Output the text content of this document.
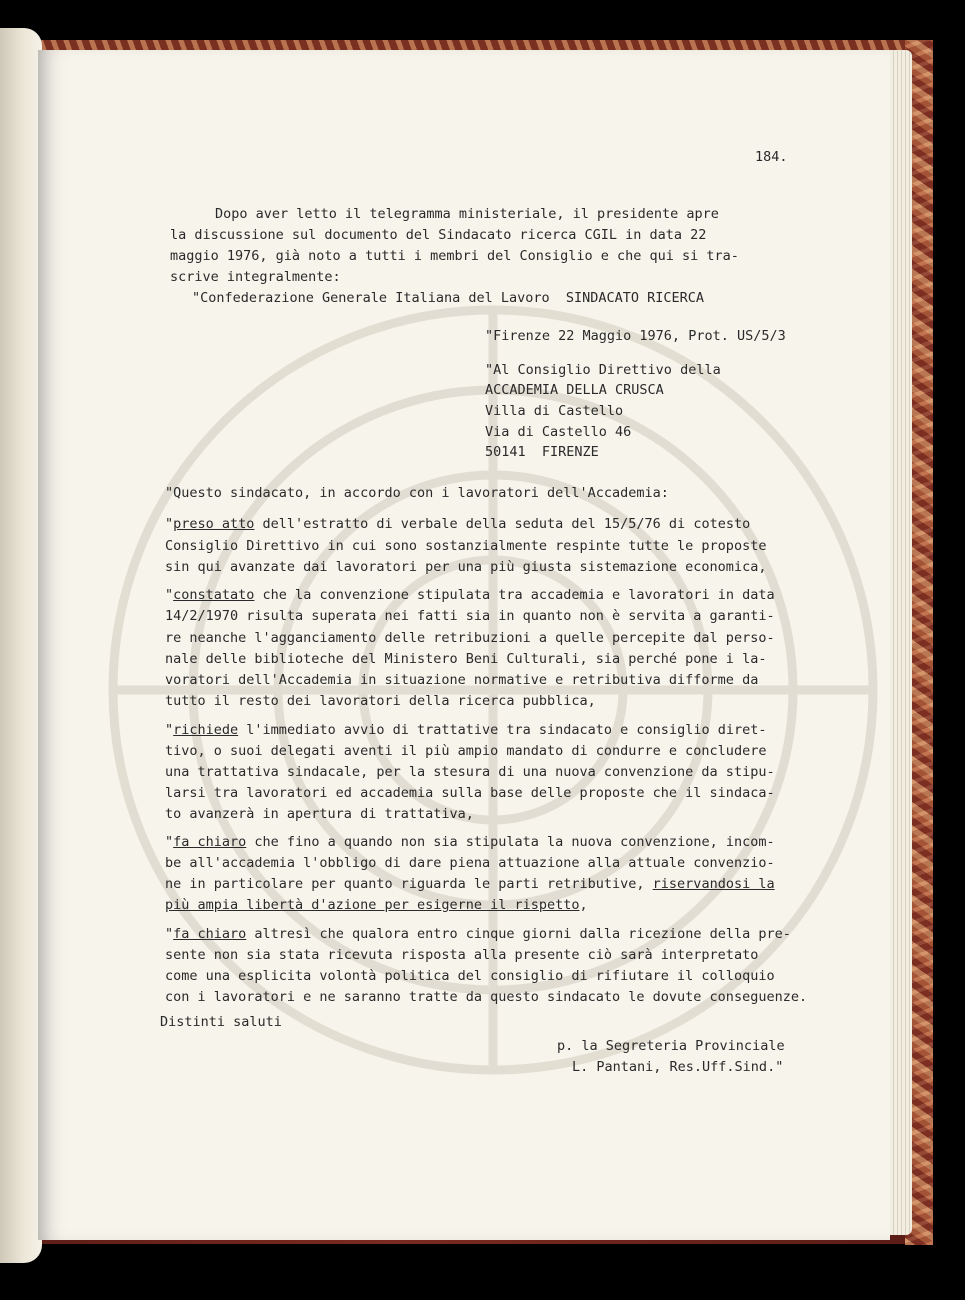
184.
Dopo aver letto il telegramma ministeriale, il presidente apre
la discussione sul documento del Sindacato ricerca CGIL in data 22
maggio 1976, già noto a tutti i membri del Consiglio e che qui si tra-
scrive integralmente:
"Confederazione Generale Italiana del Lavoro  SINDACATO RICERCA
"Firenze 22 Maggio 1976, Prot. US/5/3
"Al Consiglio Direttivo della
ACCADEMIA DELLA CRUSCA
Villa di Castello
Via di Castello 46
50141  FIRENZE
"Questo sindacato, in accordo con i lavoratori dell'Accademia:
"preso atto dell'estratto di verbale della seduta del 15/5/76 di cotesto
Consiglio Direttivo in cui sono sostanzialmente respinte tutte le proposte
sin qui avanzate dai lavoratori per una più giusta sistemazione economica,
"constatato che la convenzione stipulata tra accademia e lavoratori in data
14/2/1970 risulta superata nei fatti sia in quanto non è servita a garanti-
re neanche l'agganciamento delle retribuzioni a quelle percepite dal perso-
nale delle biblioteche del Ministero Beni Culturali, sia perché pone i la-
voratori dell'Accademia in situazione normative e retributiva difforme da
tutto il resto dei lavoratori della ricerca pubblica,
"richiede l'immediato avvio di trattative tra sindacato e consiglio diret-
tivo, o suoi delegati aventi il più ampio mandato di condurre e concludere
una trattativa sindacale, per la stesura di una nuova convenzione da stipu-
larsi tra lavoratori ed accademia sulla base delle proposte che il sindaca-
to avanzerà in apertura di trattativa,
"fa chiaro che fino a quando non sia stipulata la nuova convenzione, incom-
be all'accademia l'obbligo di dare piena attuazione alla attuale convenzio-
ne in particolare per quanto riguarda le parti retributive, riservandosi la
più ampia libertà d'azione per esigerne il rispetto,
"fa chiaro altresì che qualora entro cinque giorni dalla ricezione della pre-
sente non sia stata ricevuta risposta alla presente ciò sarà interpretato
come una esplicita volontà politica del consiglio di rifiutare il colloquio
con i lavoratori e ne saranno tratte da questo sindacato le dovute conseguenze.
Distinti saluti
p. la Segreteria Provinciale
L. Pantani, Res.Uff.Sind."
